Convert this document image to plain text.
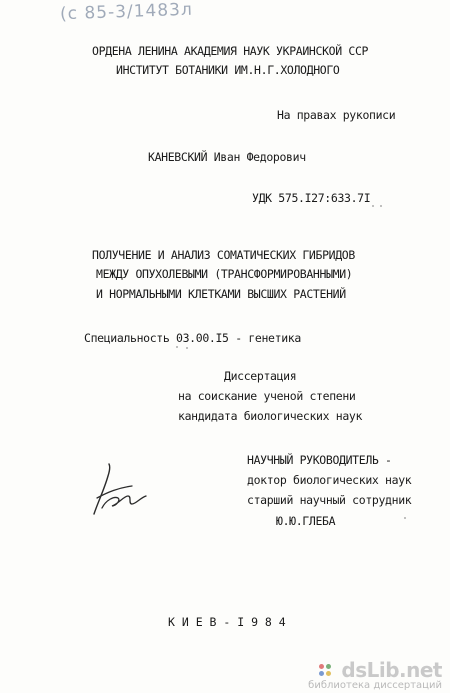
(с 85-3/1483л
ОРДЕНА ЛЕНИНА АКАДЕМИЯ НАУК УКРАИНСКОЙ ССР
ИНСТИТУТ БОТАНИКИ ИМ.Н.Г.ХОЛОДНОГО
На правах рукописи
КАНЕВСКИЙ Иван Федорович
УДК 575.I27:633.7I
ПОЛУЧЕНИЕ И АНАЛИЗ СОМАТИЧЕСКИХ ГИБРИДОВ
МЕЖДУ ОПУХОЛЕВЫМИ (ТРАНСФОРМИРОВАННЫМИ)
И НОРМАЛЬНЫМИ КЛЕТКАМИ ВЫСШИХ РАСТЕНИЙ
Специальность 03.00.I5 - генетика
Диссертация
на соискание ученой степени
кандидата биологических наук
НАУЧНЫЙ РУКОВОДИТЕЛЬ -
доктор биологических наук
старший научный сотрудник
Ю.Ю.ГЛЕБА
К И Е В - I 9 8 4
dsLib.net
библиотека диссертаций
